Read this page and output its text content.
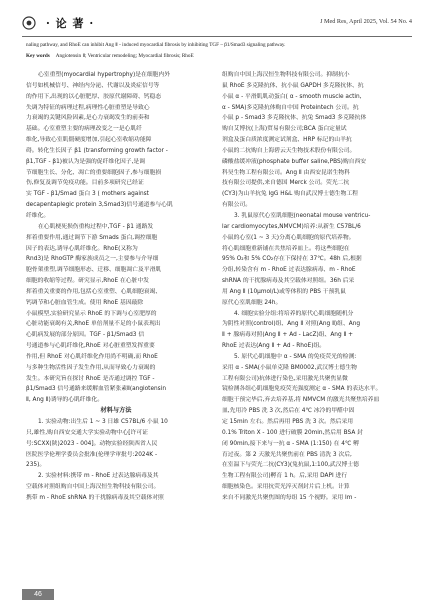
· 论 著 ·	J Med Res, April 2025, Vol. 54 No. 4
naling pathway, and RhoE can inhibit Ang Ⅱ - induced myocardial fibrosis by inhibiting TGF – β1/Smad3 signaling pathway.
Key words Angiotensin Ⅱ; Ventricular remodeling; Myocardial fibrosis; RhoE
心室重塑(myocardial hypertrophy)是在细胞内外
信号如机械信号、神经内分泌、代谢以及炎症信号等
的作用下,出现的以心脏肥厚、胶原代谢障碍、钙稳态
失调为特征的病理过程,病理性心脏重塑是导致心
力衰竭的关键风险因素,是心力衰竭发生的前奏和
基础。心室重塑主要的病理改变之一是心肌纤
维化,导致心室肌僵硬度增加,引起心室收缩功能障
碍。转化生长因子 β1 (transforming growth factor -
β1,TGF - β1)被认为是强的促纤维化因子,是调
节细胞生长、分化、凋亡的重要细胞因子,参与细胞损
伤,修复及调节免疫功能。目前多项研究已经证
实 TGF - β1/Smad 蛋白 3 ( mothers against
decapentaplegic protein 3,Smad3)信号通道参与心肌
纤维化。
在心肌梗死损伤重构过程中,TGF - β1 通路发
挥着重要作用,通过调节下游 Smads 蛋白,调控细胞
因子的表达,诱导心肌纤维化。RhoE(又称为
Rnd3)是 RhoGTP 酶家族成员之一,主要参与介导细
胞骨架重塑,调节细胞形态、迁移、细胞凋亡及平滑肌
细胞的收缩等过程。研究显示,RhoE 在心脏中发
挥着重关重要的作用,包括心室重塑、心肌细胞衰竭、
钙调节和心脏血管生成。使用 RhoE 基因敲除
小鼠模型,实验研究显示 RhoE 的下调与心室肥厚的
心脏功能衰竭有关,RhoE 单倍剂量不足的小鼠表现出
心肌病发展的部分原因。TGF - β1/Smad3 信
号通道参与心肌纤维化,RhoE 对心脏重塑发挥重要
作用,但 RhoE 对心肌纤维化作用尚不明确,而 RhoE
与多种生物活性因子发生作用,从而导致心力衰竭的
发生。本研究旨在探讨 RhoE 是否通过调控 TGF -
β1/Smad3 信号通路来缓解血管紧张素Ⅱ(angiotensin
Ⅱ, Ang Ⅱ)诱导的心肌纤维化。
材料与方法
1. 实验动物:出生后 1 ~ 3 日雄 C57BL/6 小鼠 10
只,雄性,购自西安交通大学实验动物中心[许可证
号:SCXX(陕)2023 - 004]。动物实验经陕西省人民
医院医学伦理学委员会批准(伦理学审批号:2024K -
235)。
2. 实验材料:携带 m - RhoE 过表达腺病毒及其
空载体对照组购自中国上海汉恒生物科技有限公司。
携带 m - RhoE shRNA 的干扰腺病毒及其空载体对照
组购自中国上海汉恒生物科技有限公司。抑制抗小
鼠 RhoE 多克隆抗体、抗小鼠 GAPDH 多克隆抗体、抗
小鼠 α - 平滑肌肌动蛋白( α - smooth muscle actin,
α - SMA)多克隆抗体购自中国 Proteintech 公司。抗
小鼠 p - Smad3 多克隆抗体、抗兔 Smad3 多克隆抗体
购自艾博抗(上海)贸易有限公司;BCA 蛋白定量试
剂盒及蛋白质浓度测定试剂盒、HRP 标记的山羊抗
小鼠的二抗购自上海碧云天生物技术股份有限公司。
磷酸盐缓冲液(phosphate buffer saline,PBS)购自西安
科昊生物工程有限公司。Ang Ⅱ 由西安昆诺生物科
技有限公司提供,来自德国 Merck 公司。荧光二抗
(CY3)为山羊抗兔 IgG H&L 购自武汉博士德生物工程
有限公司。
3. 乳鼠原代心室肌细胞(neonatal mouse ventricu-
lar cardiomyocytes,NMVCM)培养:从新生 C57BL/6
小鼠的心室(1 ~ 3 天)分离心肌细胞的原代培养物。
将心肌细胞重新铺在共焦培养皿上。将这些细胞在
95% O₂和 5% CO₂存在下保持在 37℃。48h 后,根据
分组,转染含有 m - RhoE 过表达腺病毒、m - RhoE
shRNA 的干扰腺病毒及其空载体对照组。36h 后采
用 Ang Ⅱ (10μmol/L)或等体积的 PBS 干预乳鼠
原代心室肌细胞 24h。
4. 细胞实验分组:将培养的原代心肌细胞随机分
为阴性对照(control)组、Ang Ⅱ 对照(Ang Ⅱ)组、Ang
Ⅱ + 腺病毒对照(Ang Ⅱ + Ad - LacZ)组、Ang Ⅱ +
RhoE 过表达(Ang Ⅱ + Ad - RhoE)组。
5. 原代心肌细胞中 α - SMA 的免疫荧光的检测:
采用 α - SMA(小鼠单克隆 BM0002,武汉博士德生物
工程有限公司)抗体进行染色,采用激光共聚焦显微
镜检测各组心肌细胞免疫荧光强度测定 α - SMA 的表达水平。
细胞干预完毕后,弃去培养基,将 NMVCM 的激光共聚焦培养皿
皿,先用冷 PBS 洗 3 次,然后在 4℃ 冰冷的甲醛中固
定 15min 左右。然后再用 PBS 洗 3 次。然后采用
0.1% Triton X - 100 进行破膜 20min,然后用 BSA 封
闭 90min,接下来与一抗 α - SMA (1:150) 在 4℃ 孵
育过夜。第 2 天激光共聚焦前在 PBS 清洗 3 次后,
在室温下与荧光二抗(CY3)(兔抗鼠,1:100,武汉博士德
生物工程有限公司)孵育 1 h。后,采用 DAPI 进行
细胞核染色。采用抗荧光淬灭剂封片后上机。计算
来自不同激光共聚焦图的每组 15 个视野。采用 Im -
46
